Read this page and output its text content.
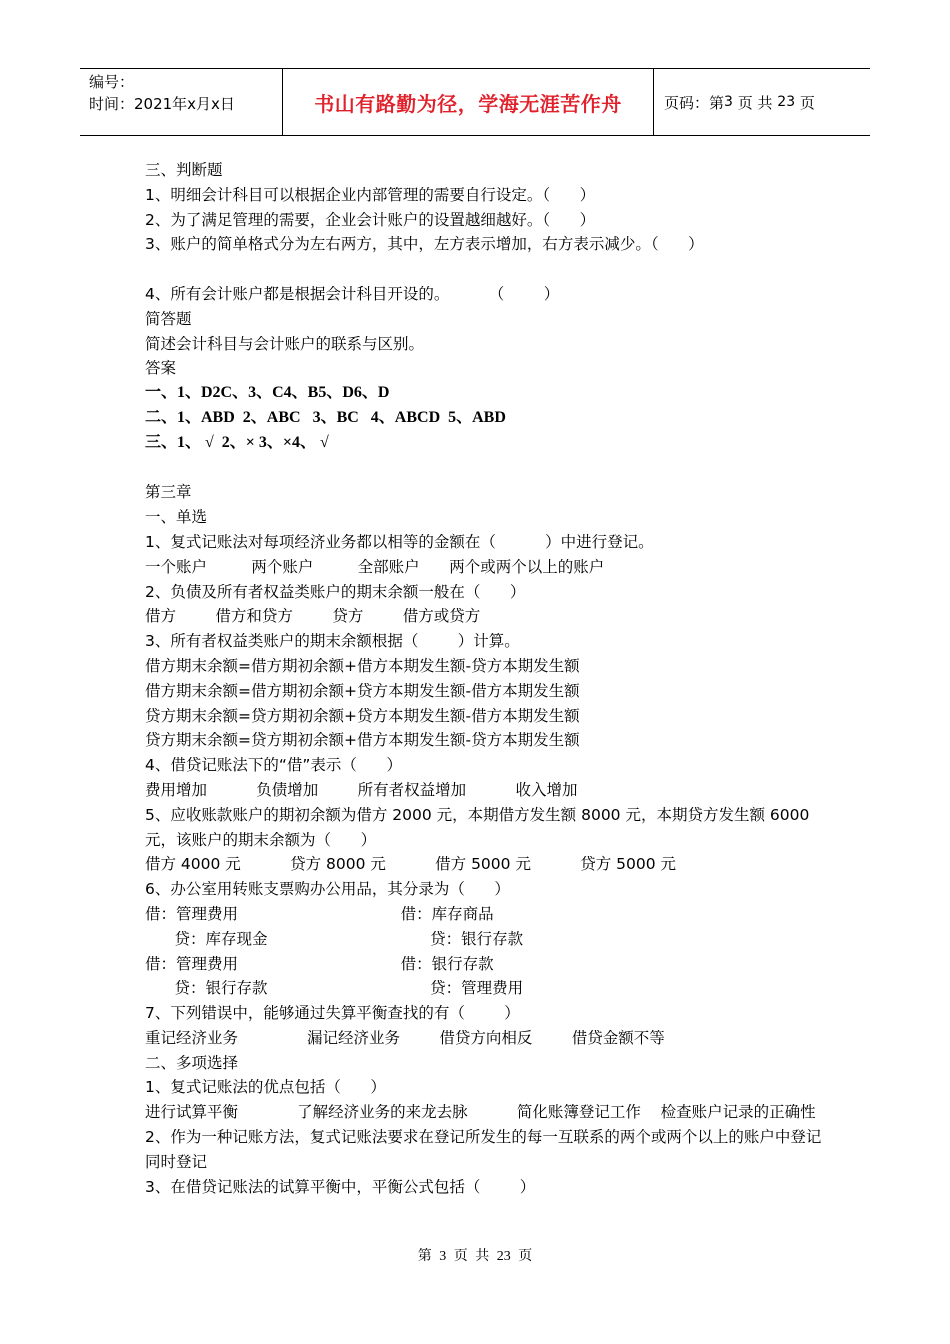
编号：
时间：2021年x月x日	书山有路勤为径，学海无涯苦作舟	页码：第 3
页 共
23
页
三、判断题
1、明细会计科目可以根据企业内部管理的需要自行设定。（      ）
2、为了满足管理的需要，企业会计账户的设置越细越好。（      ）
3、账户的简单格式分为左右两方，其中，左方表示增加，右方表示减少。（      ）
4、所有会计账户都是根据会计科目开设的。        （        ）
简答题
简述会计科目与会计账户的联系与区别。
答案
一、1、D2C、3、C4、B5、D6、D
二、1、ABD  2、ABC   3、BC   4、ABCD  5、ABD
三、1、 √  2、× 3、×4、 √
第三章
一、单选
1、复式记账法对每项经济业务都以相等的金额在（          ）中进行登记。
一个账户         两个账户         全部账户      两个或两个以上的账户
2、负债及所有者权益类账户的期末余额一般在（      ）
借方        借方和贷方        贷方        借方或贷方
3、所有者权益类账户的期末余额根据（        ）计算。
借方期末余额=借方期初余额+借方本期发生额-贷方本期发生额
借方期末余额=借方期初余额+贷方本期发生额-借方本期发生额
贷方期末余额=贷方期初余额+贷方本期发生额-借方本期发生额
贷方期末余额=贷方期初余额+借方本期发生额-贷方本期发生额
4、借贷记账法下的“借”表示（      ）
费用增加          负债增加        所有者权益增加          收入增加
5、应收账款账户的期初余额为借方 2000 元，本期借方发生额 8000 元，本期贷方发生额 6000 元，该账户的期末余额为（      ）
借方 4000 元          贷方 8000 元          借方 5000 元          贷方 5000 元
6、办公室用转账支票购办公用品，其分录为（      ）
借：管理费用                                 借：库存商品
贷：库存现金                                 贷：银行存款
借：管理费用                                 借：银行存款
贷：银行存款                                 贷：管理费用
7、下列错误中，能够通过失算平衡查找的有（        ）
重记经济业务              漏记经济业务        借贷方向相反        借贷金额不等
二、多项选择
1、复式记账法的优点包括（      ）
进行试算平衡            了解经济业务的来龙去脉          简化账簿登记工作    检查账户记录的正确性
2、作为一种记账方法，复式记账法要求在登记所发生的每一互联系的两个或两个以上的账户中登记            同时登记
3、在借贷记账法的试算平衡中，平衡公式包括（        ）
第 3 页 共 23 页
